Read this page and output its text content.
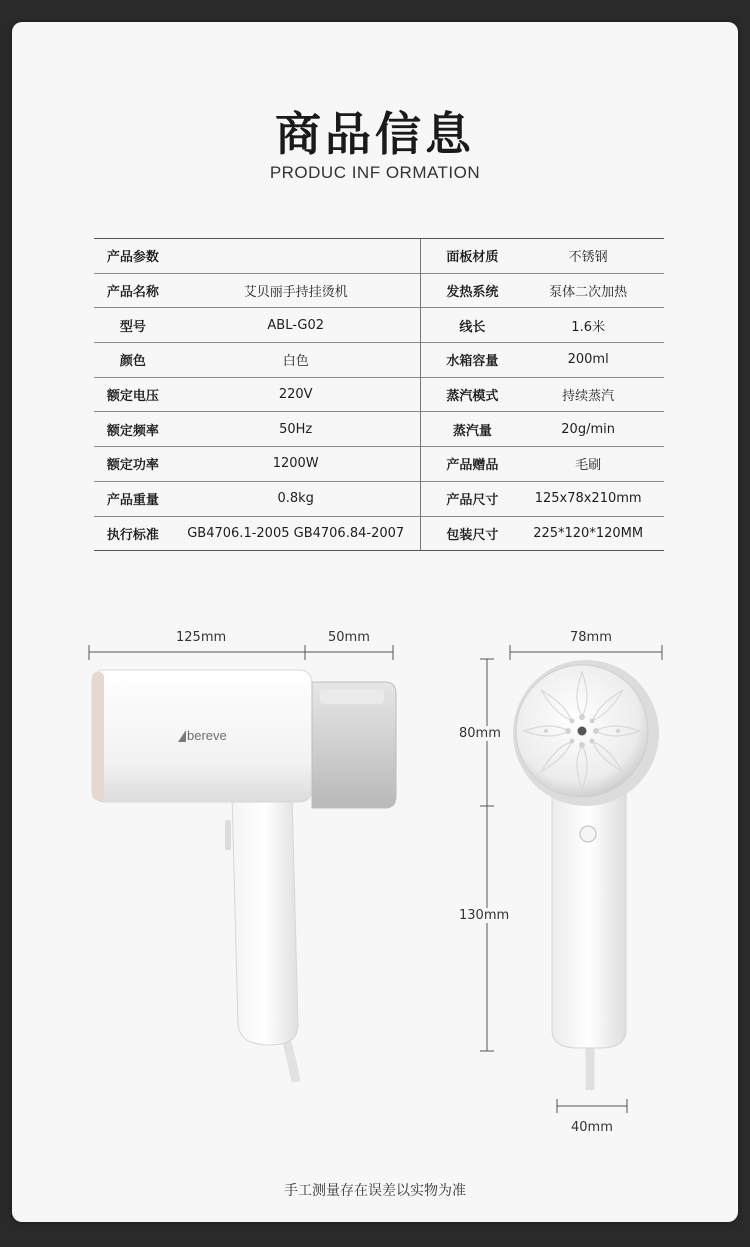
商品信息
PRODUC INF ORMATION
产品参数			面板材质	不锈钢
产品名称	艾贝丽手持挂烫机		发热系统	泵体二次加热
型号	ABL-G02		线长	1.6米
颜色	白色		水箱容量	200ml
额定电压	220V		蒸汽模式	持续蒸汽
额定频率	50Hz		蒸汽量	20g/min
额定功率	1200W		产品赠品	毛刷
产品重量	0.8kg		产品尺寸	125x78x210mm
执行标准	GB4706.1-2005 GB4706.84-2007		包装尺寸	225*120*120MM
bereve
125mm	50mm	78mm
80mm
130mm
40mm
手工测量存在误差以实物为准
